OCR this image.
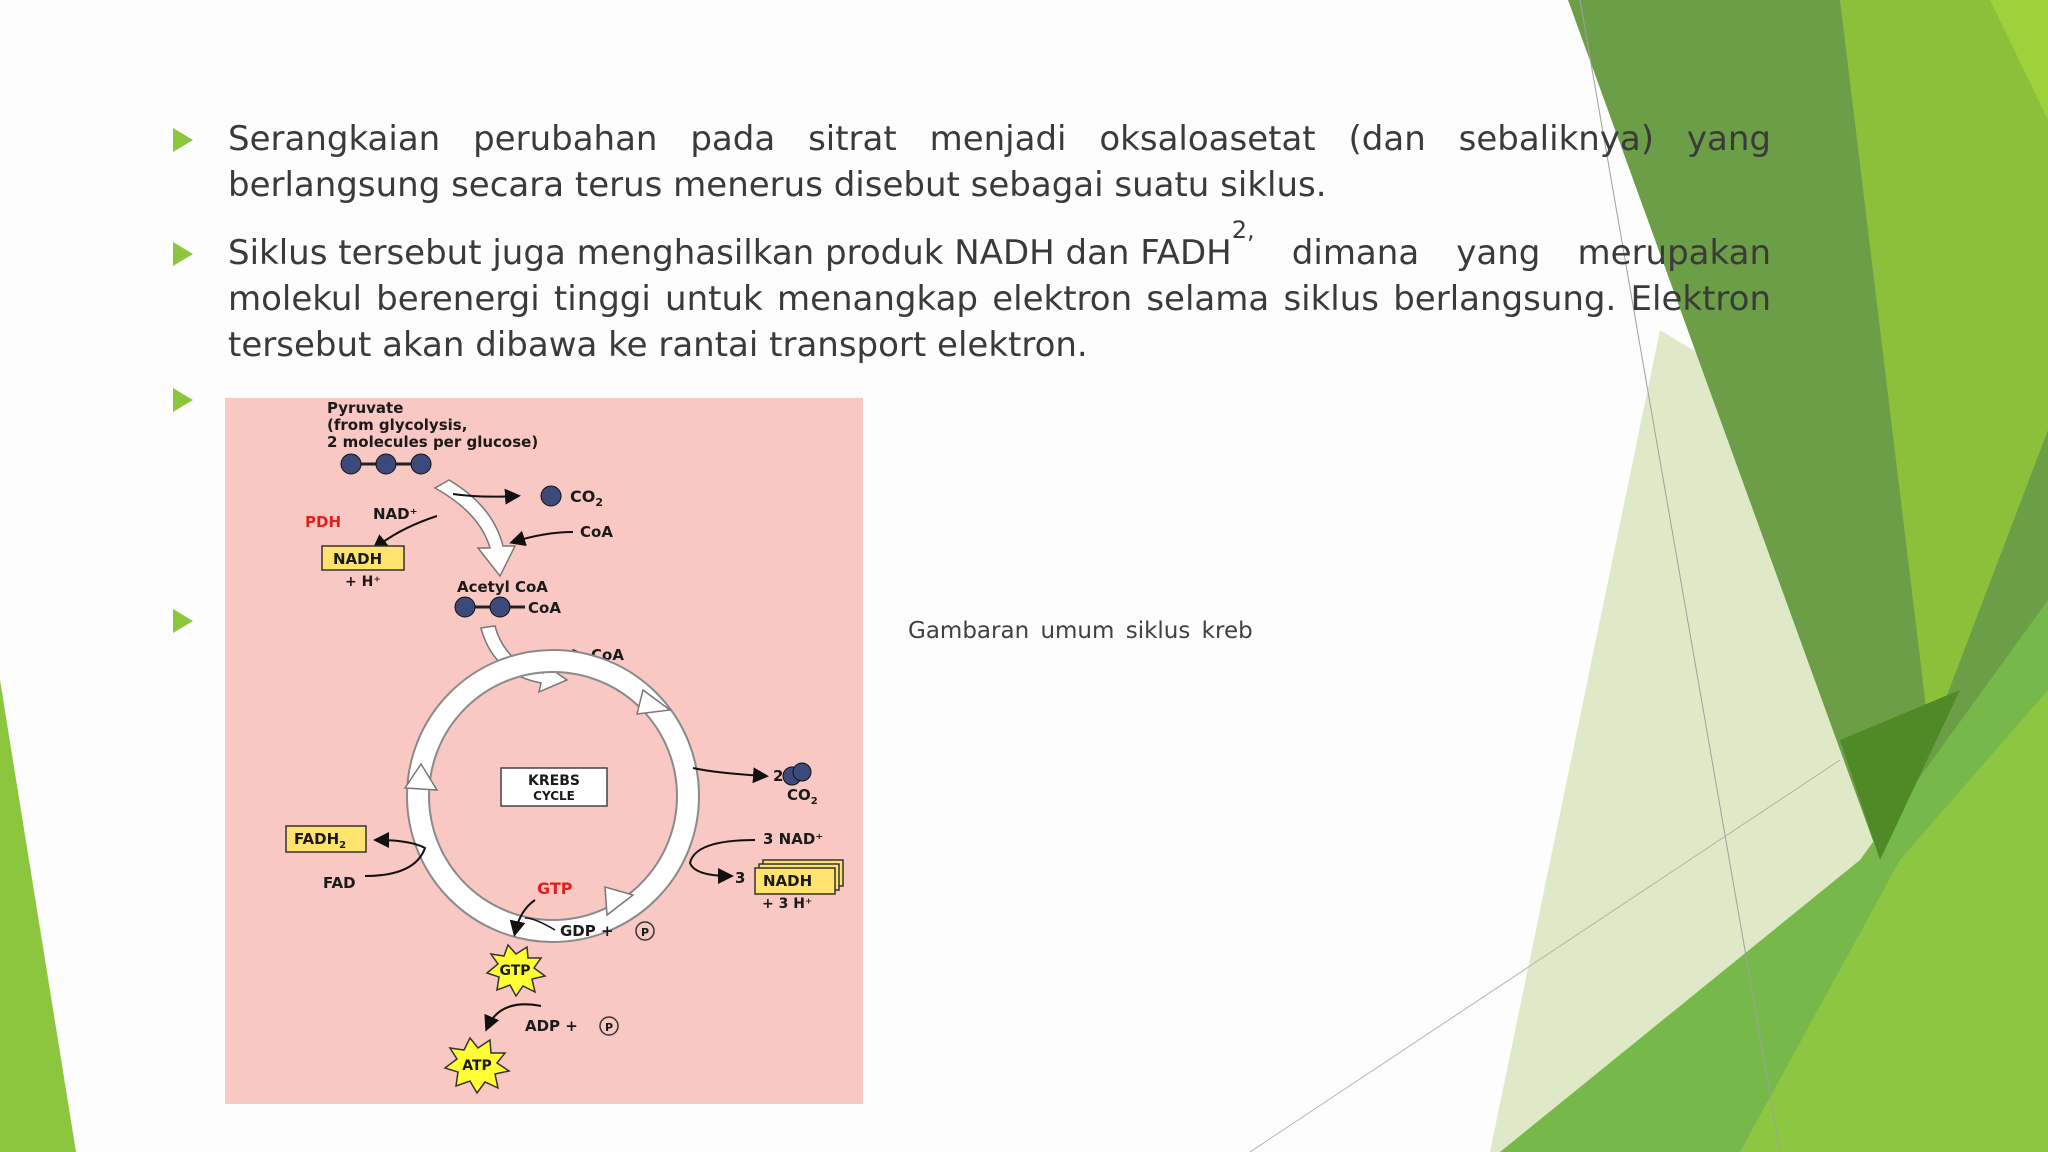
Serangkaian perubahan pada sitrat menjadi oksaloasetat (dan sebaliknya) yang
berlangsung secara terus menerus disebut sebagai suatu siklus.
Siklus tersebut juga menghasilkan produk NADH dan FADH
2,
dimana yang merupakan
molekul berenergi tinggi untuk menangkap elektron selama siklus berlangsung. Elektron
tersebut akan dibawa ke rantai transport elektron.
Pyruvate
(from glycolysis,
2 molecules per glucose)
$CO_2$
NAD⁺
PDH
CoA
NADH
+ H⁺	Acetyl CoA
CoA
CoA
KREBS
CYCLE
2
$CO_2$
$FADH_2$
FAD
3 NAD⁺
3 NADH
+ 3 H⁺
GTP
GDP + P
GTP
ADP + P
ATP
Gambaran umum siklus kreb
